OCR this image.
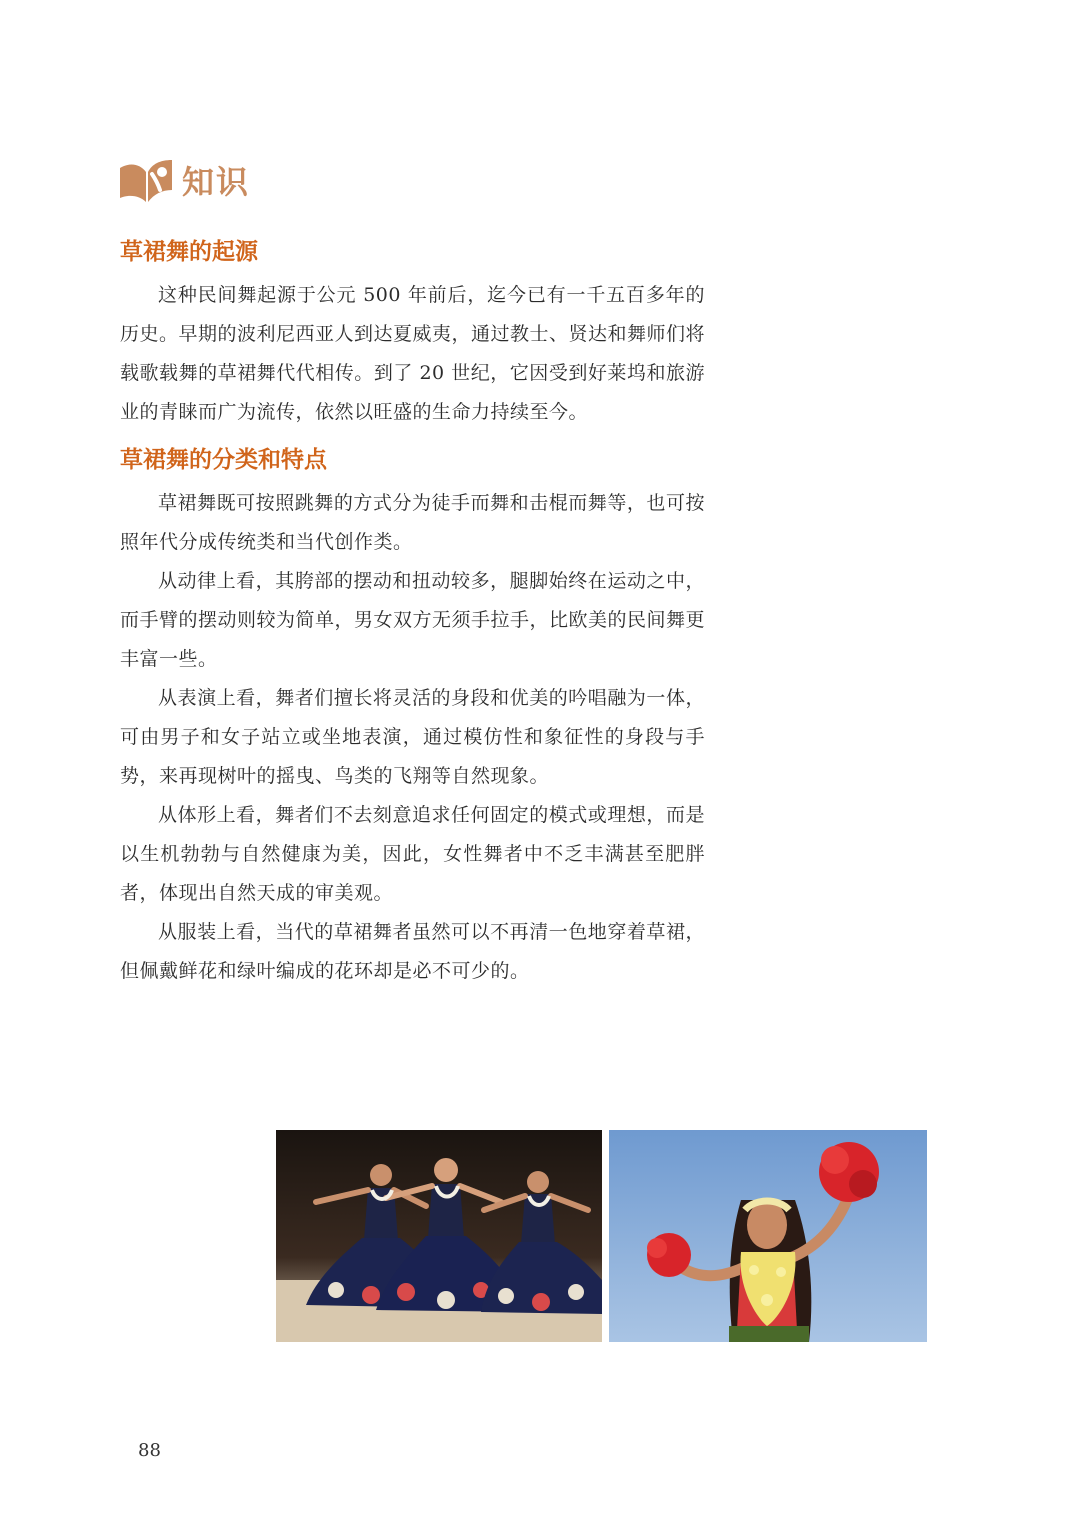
知识
草裙舞的起源

这种民间舞起源于公元 500 年前后，迄今已有一千五百多年的历史。早期的波利尼西亚人到达夏威夷，通过教士、贤达和舞师们将载歌载舞的草裙舞代代相传。到了 20 世纪，它因受到好莱坞和旅游业的青睐而广为流传，依然以旺盛的生命力持续至今。

草裙舞的分类和特点

草裙舞既可按照跳舞的方式分为徒手而舞和击棍而舞等，也可按照年代分成传统类和当代创作类。

从动律上看，其胯部的摆动和扭动较多，腿脚始终在运动之中，而手臂的摆动则较为简单，男女双方无须手拉手，比欧美的民间舞更丰富一些。

从表演上看，舞者们擅长将灵活的身段和优美的吟唱融为一体，可由男子和女子站立或坐地表演，通过模仿性和象征性的身段与手势，来再现树叶的摇曳、鸟类的飞翔等自然现象。

从体形上看，舞者们不去刻意追求任何固定的模式或理想，而是以生机勃勃与自然健康为美，因此，女性舞者中不乏丰满甚至肥胖者，体现出自然天成的审美观。

从服装上看，当代的草裙舞者虽然可以不再清一色地穿着草裙，但佩戴鲜花和绿叶编成的花环却是必不可少的。

88
